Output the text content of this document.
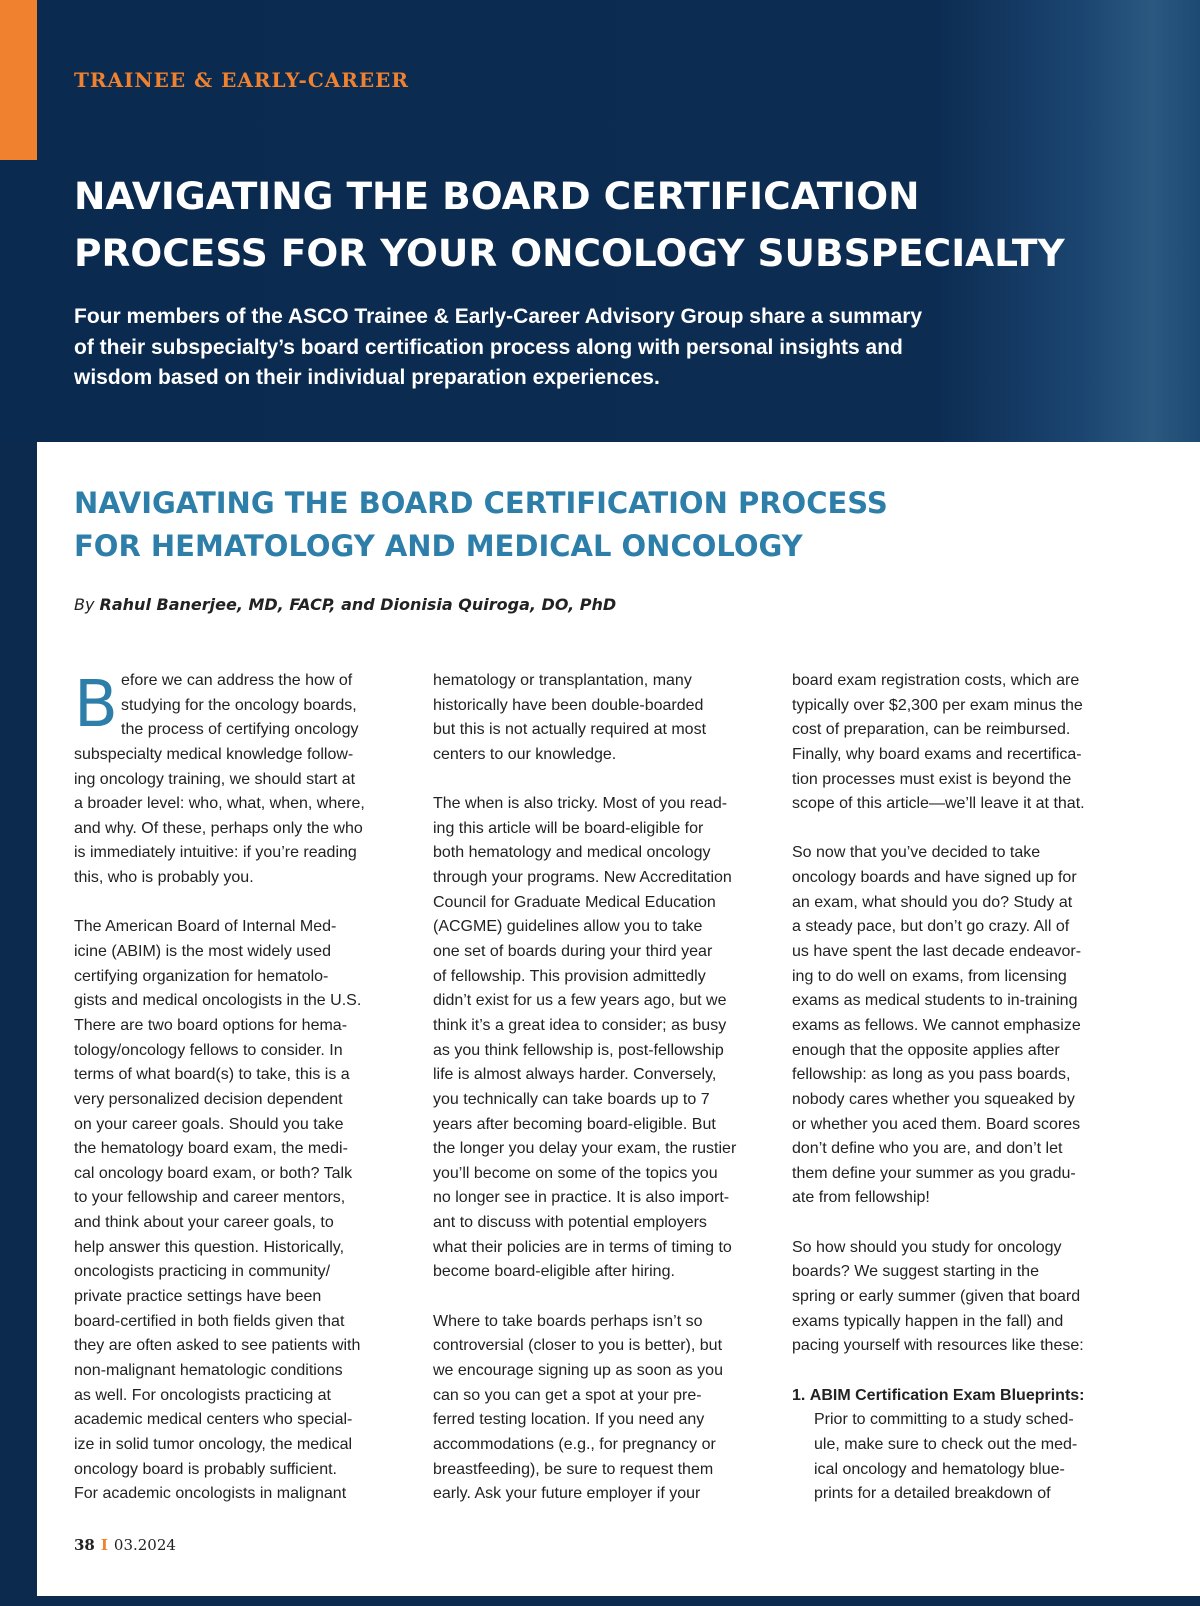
TRAINEE & EARLY-CAREER

NAVIGATING THE BOARD CERTIFICATION
PROCESS FOR YOUR ONCOLOGY SUBSPECIALTY

Four members of the ASCO Trainee & Early-Career Advisory Group share a summary
of their subspecialty’s board certification process along with personal insights and
wisdom based on their individual preparation experiences.

NAVIGATING THE BOARD CERTIFICATION PROCESS
FOR HEMATOLOGY AND MEDICAL ONCOLOGY

By Rahul Banerjee, MD, FACP, and Dionisia Quiroga, DO, PhD

B efore we can address the how of
studying for the oncology boards,
the process of certifying oncology
subspecialty medical knowledge follow-
ing oncology training, we should start at
a broader level: who, what, when, where,
and why. Of these, perhaps only the who
is immediately intuitive: if you’re reading
this, who is probably you.
The American Board of Internal Med-
icine (ABIM) is the most widely used
certifying organization for hematolo-
gists and medical oncologists in the U.S.
There are two board options for hema-
tology/oncology fellows to consider. In
terms of what board(s) to take, this is a
very personalized decision dependent
on your career goals. Should you take
the hematology board exam, the medi-
cal oncology board exam, or both? Talk
to your fellowship and career mentors,
and think about your career goals, to
help answer this question. Historically,
oncologists practicing in community/
private practice settings have been
board-certified in both fields given that
they are often asked to see patients with
non-malignant hematologic conditions
as well. For oncologists practicing at
academic medical centers who special-
ize in solid tumor oncology, the medical
oncology board is probably sufficient.
For academic oncologists in malignant
hematology or transplantation, many
historically have been double-boarded
but this is not actually required at most
centers to our knowledge.
The when is also tricky. Most of you read-
ing this article will be board-eligible for
both hematology and medical oncology
through your programs. New Accreditation
Council for Graduate Medical Education
(ACGME) guidelines allow you to take
one set of boards during your third year
of fellowship. This provision admittedly
didn’t exist for us a few years ago, but we
think it’s a great idea to consider; as busy
as you think fellowship is, post-fellowship
life is almost always harder. Conversely,
you technically can take boards up to 7
years after becoming board-eligible. But
the longer you delay your exam, the rustier
you’ll become on some of the topics you
no longer see in practice. It is also import-
ant to discuss with potential employers
what their policies are in terms of timing to
become board-eligible after hiring.
Where to take boards perhaps isn’t so
controversial (closer to you is better), but
we encourage signing up as soon as you
can so you can get a spot at your pre-
ferred testing location. If you need any
accommodations (e.g., for pregnancy or
breastfeeding), be sure to request them
early. Ask your future employer if your
board exam registration costs, which are
typically over $2,300 per exam minus the
cost of preparation, can be reimbursed.
Finally, why board exams and recertifica-
tion processes must exist is beyond the
scope of this article—we’ll leave it at that.
So now that you’ve decided to take
oncology boards and have signed up for
an exam, what should you do? Study at
a steady pace, but don’t go crazy. All of
us have spent the last decade endeavor-
ing to do well on exams, from licensing
exams as medical students to in-training
exams as fellows. We cannot emphasize
enough that the opposite applies after
fellowship: as long as you pass boards,
nobody cares whether you squeaked by
or whether you aced them. Board scores
don’t define who you are, and don’t let
them define your summer as you gradu-
ate from fellowship!
So how should you study for oncology
boards? We suggest starting in the
spring or early summer (given that board
exams typically happen in the fall) and
pacing yourself with resources like these:
1. ABIM Certification Exam Blueprints:
Prior to committing to a study sched-
ule, make sure to check out the med-
ical oncology and hematology blue-
prints for a detailed breakdown of

38 I 03.2024
